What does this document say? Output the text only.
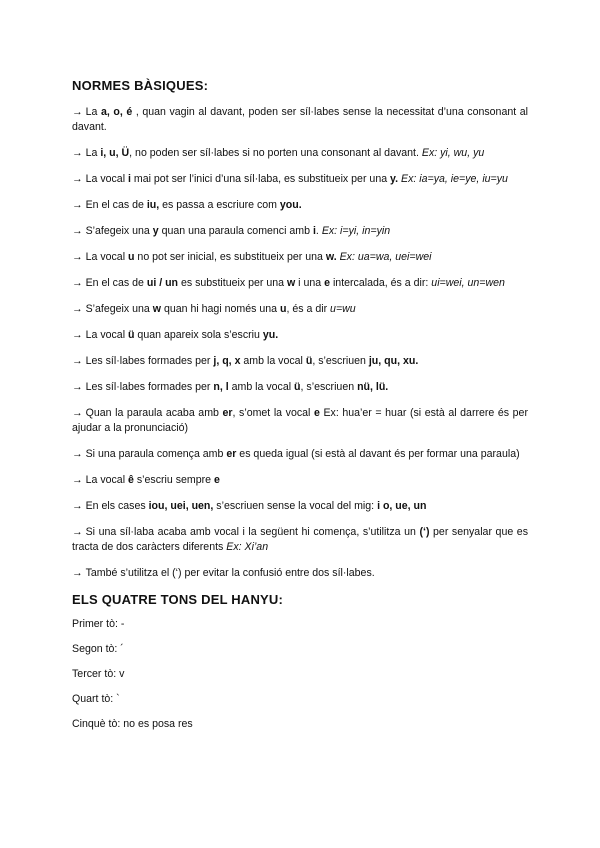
NORMES BÀSIQUES:
→ La a, o, é , quan vagin al davant, poden ser síl·labes sense la necessitat d’una consonant al davant.
→ La i, u, Ü, no poden ser síl·labes si no porten una consonant al davant. Ex: yi, wu, yu
→ La vocal i mai pot ser l’inici d’una síl·laba, es substitueix per una y. Ex: ia=ya, ie=ye, iu=yu
→ En el cas de iu, es passa a escriure com you.
→ S’afegeix una y quan una paraula comenci amb i. Ex: i=yi, in=yin
→ La vocal u no pot ser inicial, es substitueix per una w. Ex: ua=wa, uei=wei
→ En el cas de ui / un es substitueix per una w i una e intercalada, és a dir: ui=wei, un=wen
→ S’afegeix una w quan hi hagi només una u, és a dir u=wu
→ La vocal ü quan apareix sola s’escriu yu.
→ Les síl·labes formades per j, q, x amb la vocal ü, s’escriuen ju, qu, xu.
→ Les síl·labes formades per n, l amb la vocal ü, s’escriuen nü, lü.
→ Quan la paraula acaba amb er, s’omet la vocal e Ex: hua’er = huar (si està al darrere és per ajudar a la pronunciació)
→ Si una paraula comença amb er es queda igual (si està al davant és per formar una paraula)
→ La vocal ê s’escriu sempre e
→ En els cases iou, uei, uen, s’escriuen sense la vocal del mig: i o, ue, un
→ Si una síl·laba acaba amb vocal i la següent hi comença, s’utilitza un (‘) per senyalar que es tracta de dos caràcters diferents Ex: Xi’an
→ També s’utilitza el (‘) per evitar la confusió entre dos síl·labes.
ELS QUATRE TONS DEL HANYU:
Primer tò: -
Segon tò: ´
Tercer tò: v
Quart tò: `
Cinquè tò: no es posa res
